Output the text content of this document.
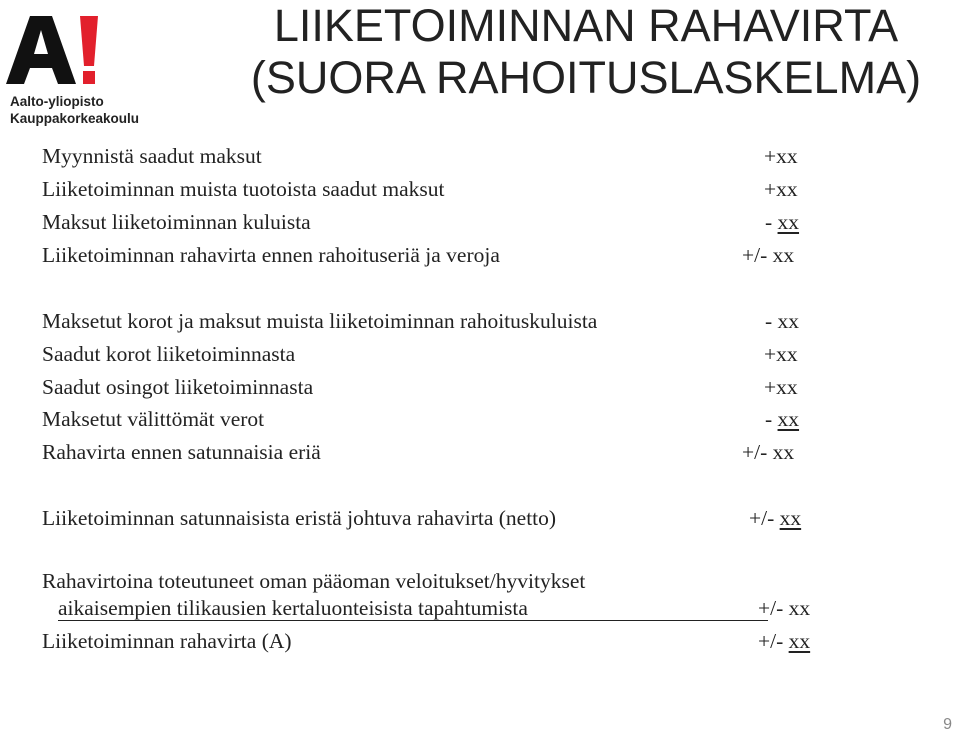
Aalto-yliopisto
Kauppakorkeakoulu
LIIKETOIMINNAN RAHAVIRTA
(SUORA RAHOITUSLASKELMA)
Myynnistä saadut maksut	+xx
Liiketoiminnan muista tuotoista saadut maksut	+xx
Maksut liiketoiminnan kuluista	- xx
Liiketoiminnan rahavirta ennen rahoituseriä ja veroja	+/- xx
Maksetut korot ja maksut muista liiketoiminnan rahoituskuluista	- xx
Saadut korot liiketoiminnasta	+xx
Saadut osingot liiketoiminnasta	+xx
Maksetut välittömät verot	- xx
Rahavirta ennen satunnaisia eriä	+/- xx
Liiketoiminnan satunnaisista eristä johtuva rahavirta (netto)	+/- xx
Rahavirtoina toteutuneet oman pääoman veloitukset/hyvitykset
aikaisempien tilikausien kertaluonteisista tapahtumista	+/- xx
Liiketoiminnan rahavirta (A)	+/- xx
9
